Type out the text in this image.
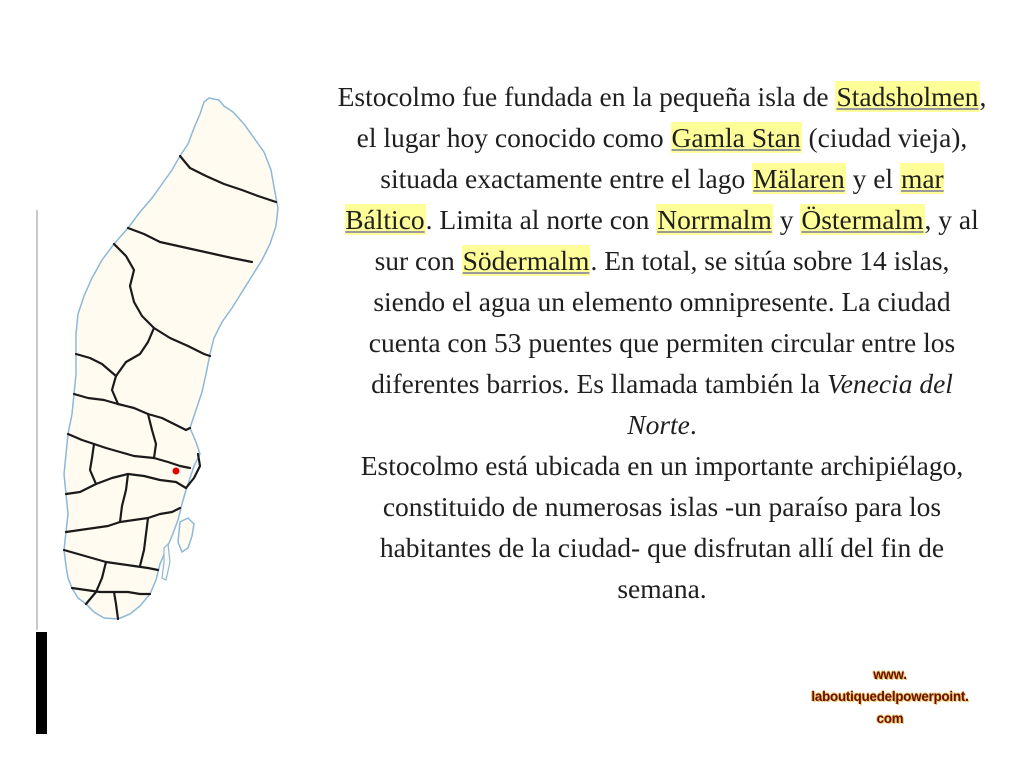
Estocolmo fue fundada en la pequeña isla de Stadsholmen, el lugar hoy conocido como Gamla Stan (ciudad vieja), situada exactamente entre el lago Mälaren y el mar Báltico. Limita al norte con Norrmalm y Östermalm, y al sur con Södermalm. En total, se sitúa sobre 14 islas, siendo el agua un elemento omnipresente. La ciudad cuenta con 53 puentes que permiten circular entre los diferentes barrios. Es llamada también la Venecia del Norte.

Estocolmo está ubicada en un importante archipiélago, constituido de numerosas islas -un paraíso para los habitantes de la ciudad- que disfrutan allí del fin de semana.

www.
laboutiquedelpowerpoint.
com
